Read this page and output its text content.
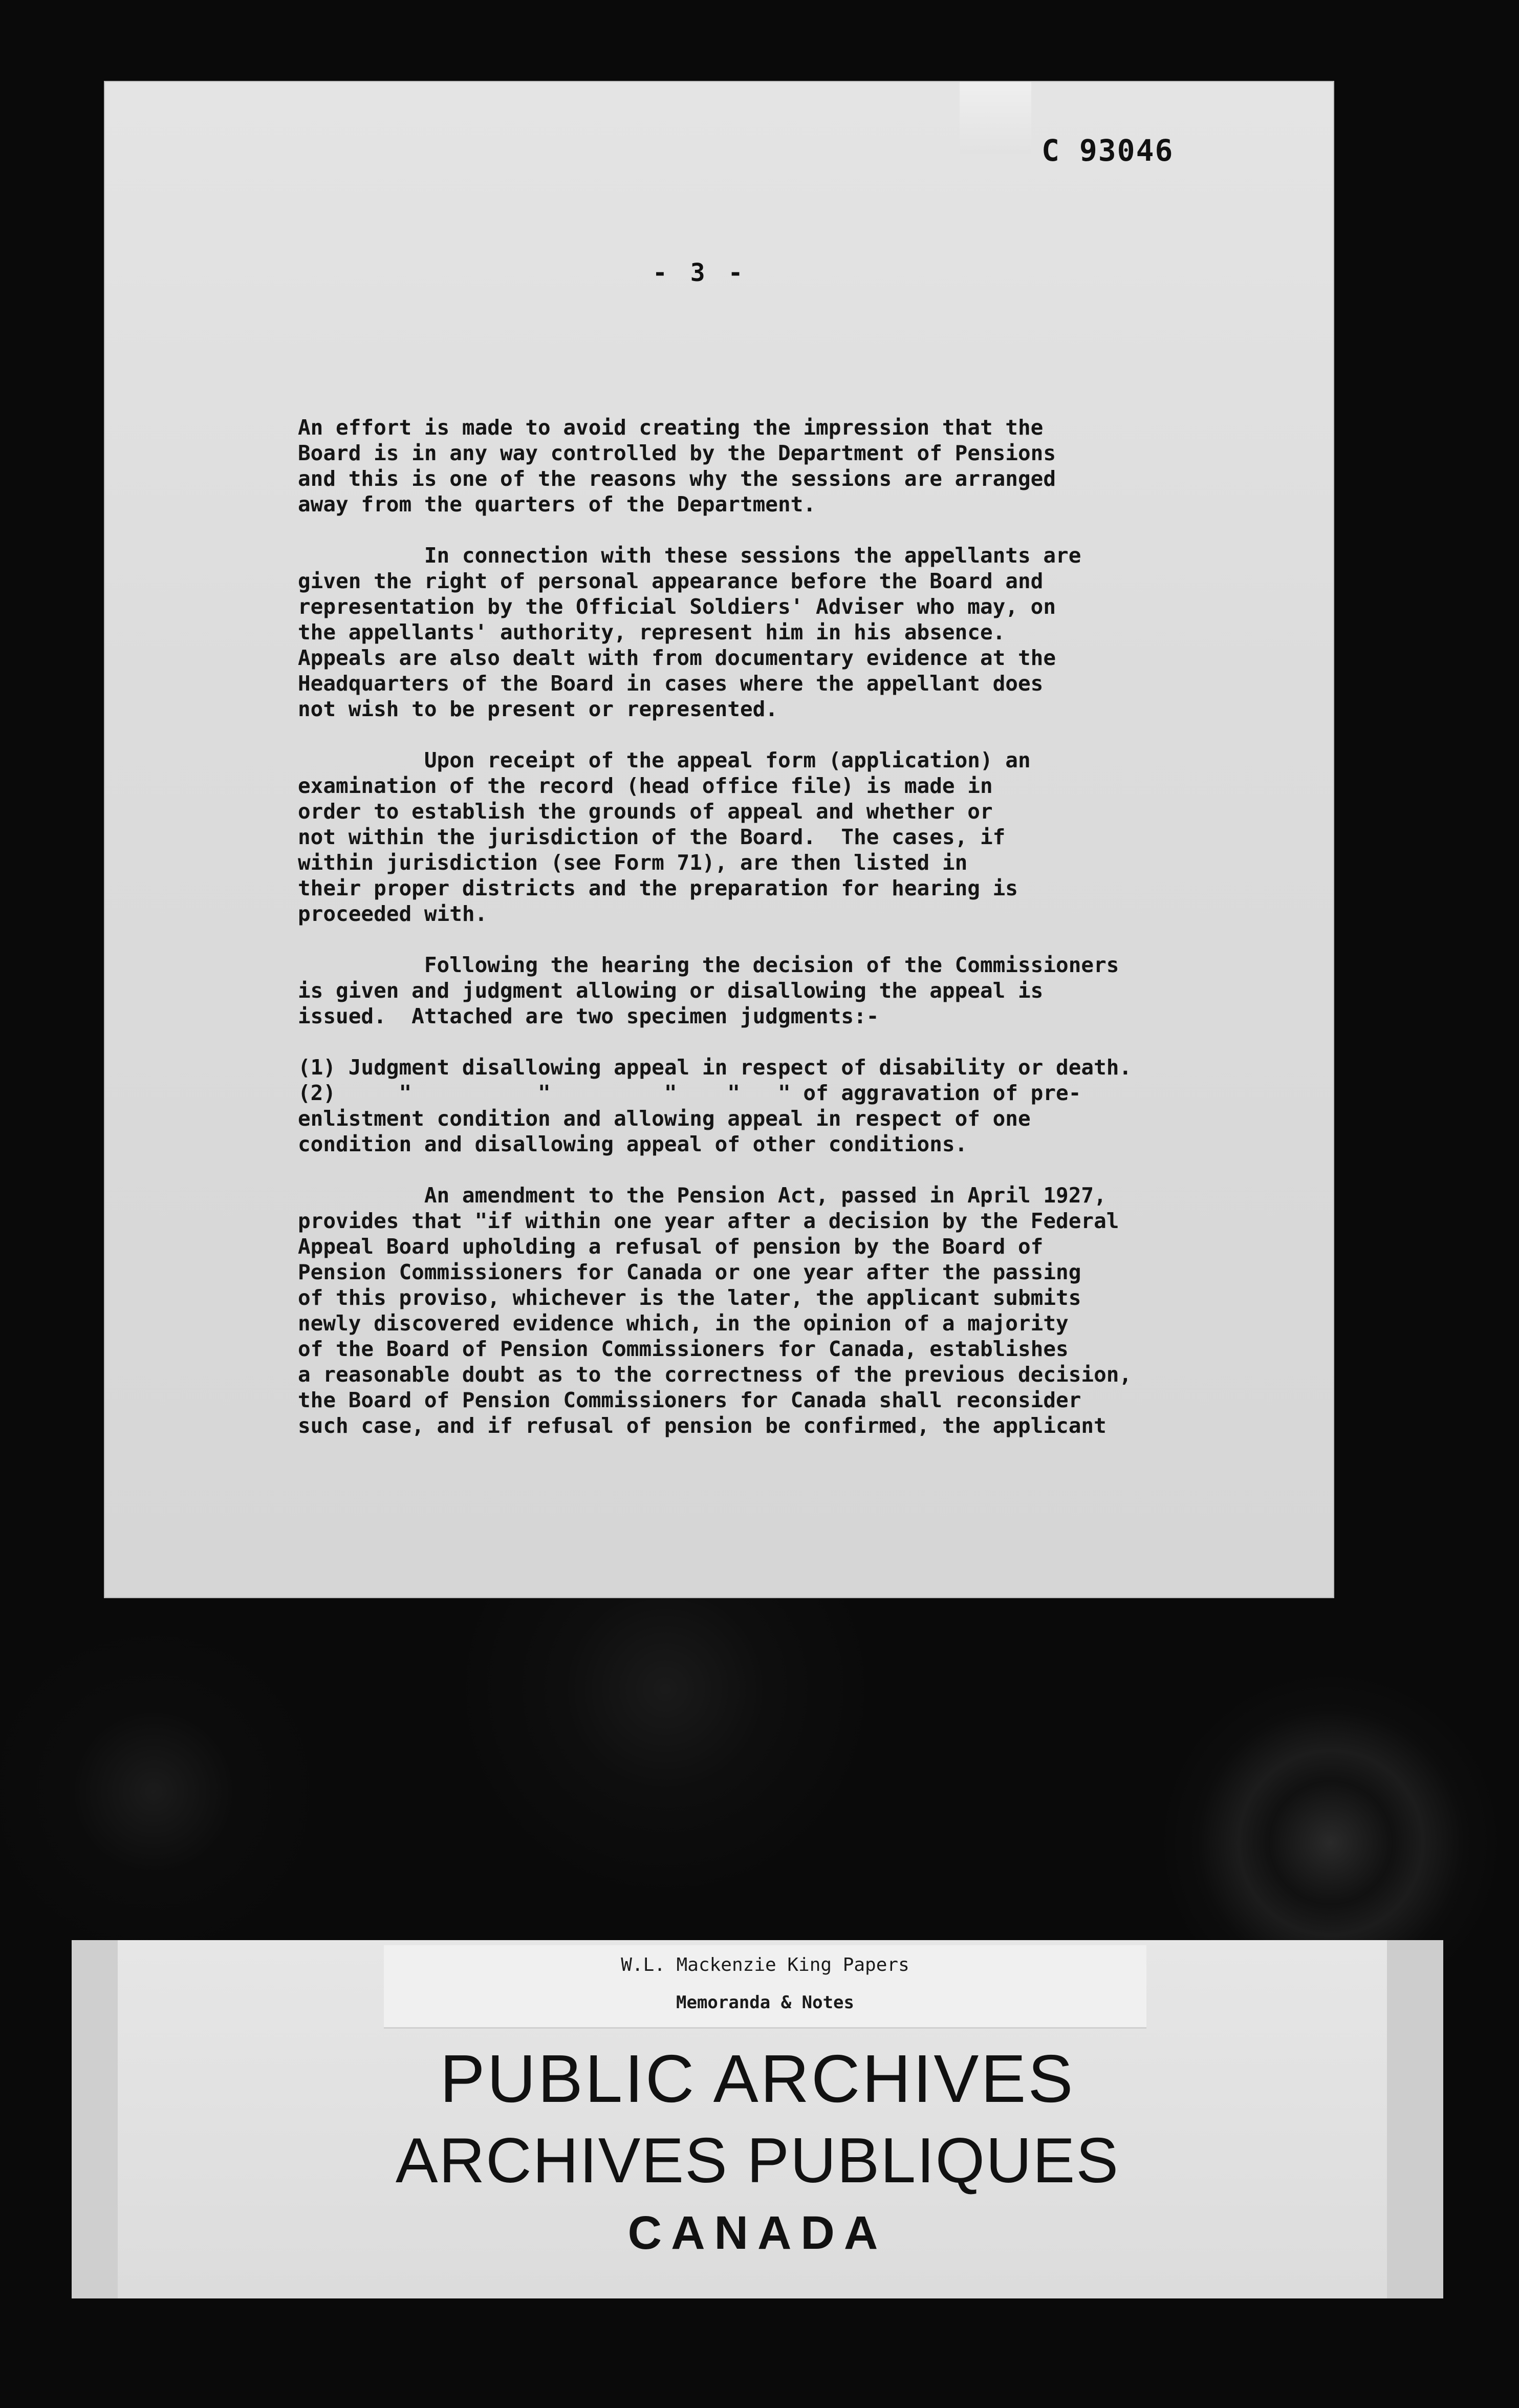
C 93046
- 3 -
An effort is made to avoid creating the impression that the
Board is in any way controlled by the Department of Pensions
and this is one of the reasons why the sessions are arranged
away from the quarters of the Department.
In connection with these sessions the appellants are
given the right of personal appearance before the Board and
representation by the Official Soldiers' Adviser who may, on
the appellants' authority, represent him in his absence.
Appeals are also dealt with from documentary evidence at the
Headquarters of the Board in cases where the appellant does
not wish to be present or represented.
Upon receipt of the appeal form (application) an
examination of the record (head office file) is made in
order to establish the grounds of appeal and whether or
not within the jurisdiction of the Board.  The cases, if
within jurisdiction (see Form 71), are then listed in
their proper districts and the preparation for hearing is
proceeded with.
Following the hearing the decision of the Commissioners
is given and judgment allowing or disallowing the appeal is
issued.  Attached are two specimen judgments:-
(1) Judgment disallowing appeal in respect of disability or death.
(2)     "          "         "    "   " of aggravation of pre-
enlistment condition and allowing appeal in respect of one
condition and disallowing appeal of other conditions.
An amendment to the Pension Act, passed in April 1927,
provides that "if within one year after a decision by the Federal
Appeal Board upholding a refusal of pension by the Board of
Pension Commissioners for Canada or one year after the passing
of this proviso, whichever is the later, the applicant submits
newly discovered evidence which, in the opinion of a majority
of the Board of Pension Commissioners for Canada, establishes
a reasonable doubt as to the correctness of the previous decision,
the Board of Pension Commissioners for Canada shall reconsider
such case, and if refusal of pension be confirmed, the applicant
W.L. Mackenzie King Papers
Memoranda & Notes
PUBLIC ARCHIVES
ARCHIVES PUBLIQUES
CANADA
